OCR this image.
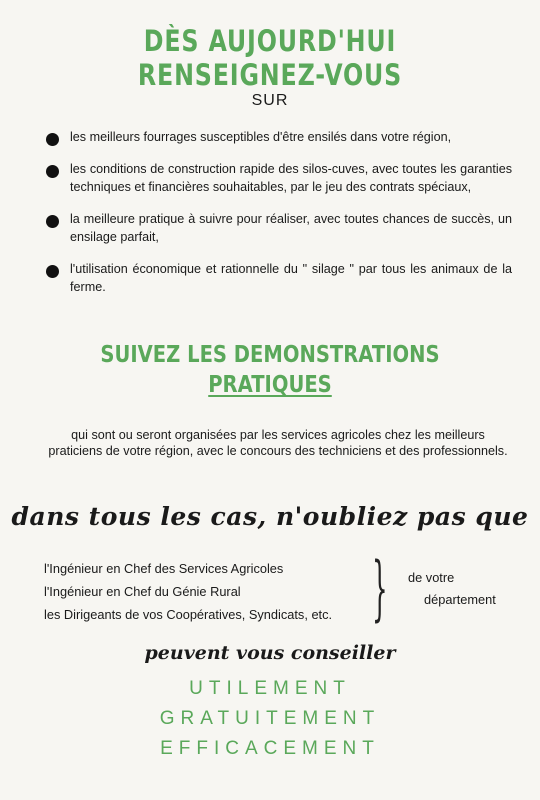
DÈS AUJOURD'HUI RENSEIGNEZ-VOUS
SUR
les meilleurs fourrages susceptibles d'être ensilés dans votre région,
les conditions de construction rapide des silos-cuves, avec toutes les garanties techniques et financières souhaitables, par le jeu des contrats spéciaux,
la meilleure pratique à suivre pour réaliser, avec toutes chances de succès, un ensilage parfait,
l'utilisation économique et rationnelle du " silage " par tous les animaux de la ferme.
SUIVEZ LES DEMONSTRATIONS
PRATIQUES
qui sont ou seront organisées par les services agricoles chez les meilleurs praticiens de votre région, avec le concours des techniciens et des professionnels.
dans tous les cas, n'oubliez pas que
l'Ingénieur en Chef des Services Agricoles
l'Ingénieur en Chef du Génie Rural
les Dirigeants de vos Coopératives, Syndicats, etc. } de votre
département
peuvent vous conseiller
UTILEMENT
GRATUITEMENT
EFFICACEMENT
